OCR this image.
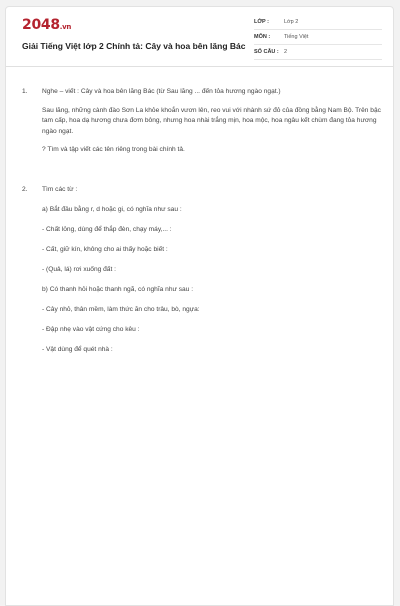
2048.vn
Giải Tiếng Việt lớp 2 Chính tả: Cây và hoa bên lăng Bác
LỚP :	Lớp 2
MÔN :	Tiếng Việt
SỐ CÂU : 2
1.	Nghe – viết : Cây và hoa bên lăng Bác (từ Sau lăng ... đến tỏa hương ngào ngạt.)
Sau lăng, những cành đào Sơn La khỏe khoắn vươn lên, reo vui với nhành sứ đỏ của đồng bằng Nam Bộ. Trên bậc tam cấp, hoa dạ hương chưa đơm bông, nhưng hoa nhài trắng mịn, hoa mộc, hoa ngâu kết chùm đang tỏa hương ngào ngạt.
? Tìm và tập viết các tên riêng trong bài chính tả.
2.	Tìm các từ :
a) Bắt đầu bằng r, d hoặc gi, có nghĩa như sau :
- Chất lỏng, dùng để thắp đèn, chạy máy,... :
- Cất, giữ kín, không cho ai thấy hoặc biết :
- (Quả, lá) rơi xuống đất :
b) Có thanh hỏi hoặc thanh ngã, có nghĩa như sau :
- Cây nhỏ, thân mềm, làm thức ăn cho trâu, bò, ngựa:
- Đập nhẹ vào vật cứng cho kêu :
- Vật dùng để quét nhà :
